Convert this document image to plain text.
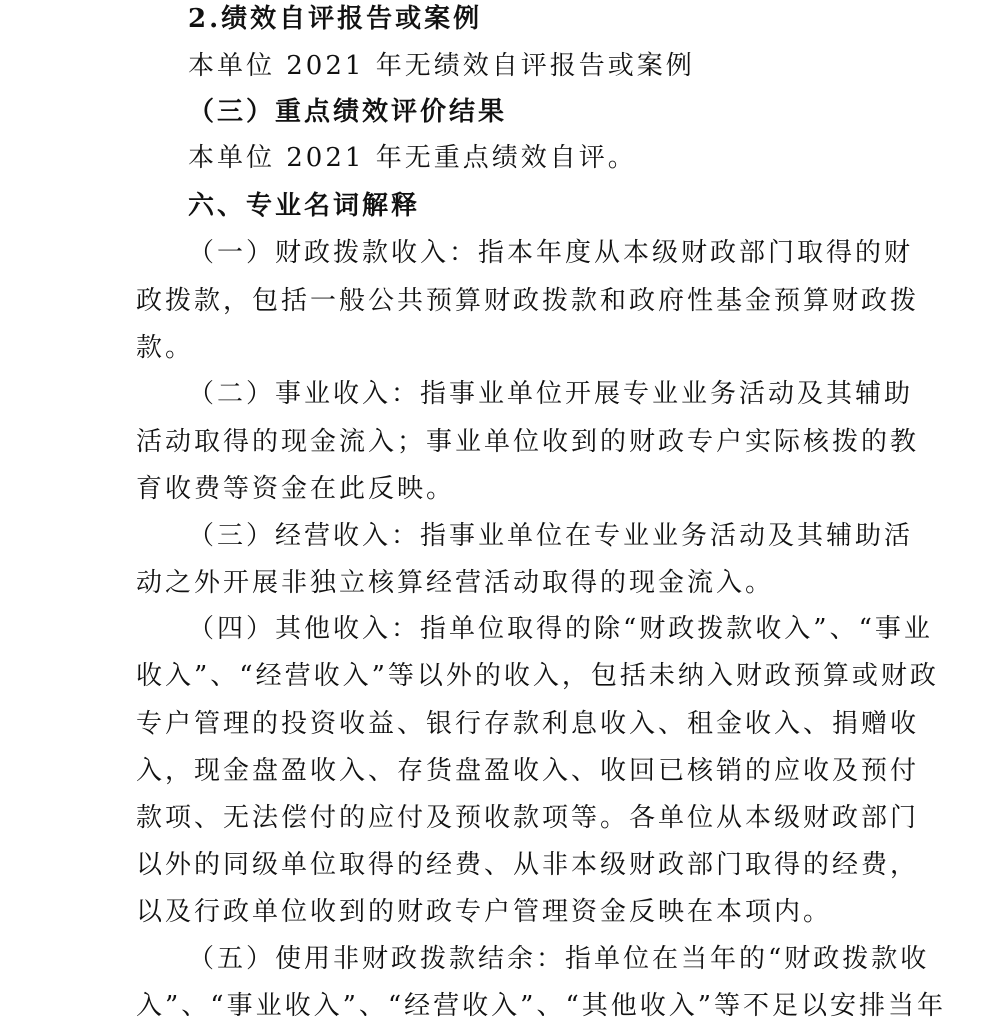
2.绩效自评报告或案例
本单位 2021 年无绩效自评报告或案例
（三）重点绩效评价结果
本单位 2021 年无重点绩效自评。
六、专业名词解释
（一）财政拨款收入：指本年度从本级财政部门取得的财
政拨款，包括一般公共预算财政拨款和政府性基金预算财政拨
款。
（二）事业收入：指事业单位开展专业业务活动及其辅助
活动取得的现金流入；事业单位收到的财政专户实际核拨的教
育收费等资金在此反映。
（三）经营收入：指事业单位在专业业务活动及其辅助活
动之外开展非独立核算经营活动取得的现金流入。
（四）其他收入：指单位取得的除“财政拨款收入”、“事业
收入”、“经营收入”等以外的收入，包括未纳入财政预算或财政
专户管理的投资收益、银行存款利息收入、租金收入、捐赠收
入，现金盘盈收入、存货盘盈收入、收回已核销的应收及预付
款项、无法偿付的应付及预收款项等。各单位从本级财政部门
以外的同级单位取得的经费、从非本级财政部门取得的经费，
以及行政单位收到的财政专户管理资金反映在本项内。
（五）使用非财政拨款结余：指单位在当年的“财政拨款收
入”、“事业收入”、“经营收入”、“其他收入”等不足以安排当年
